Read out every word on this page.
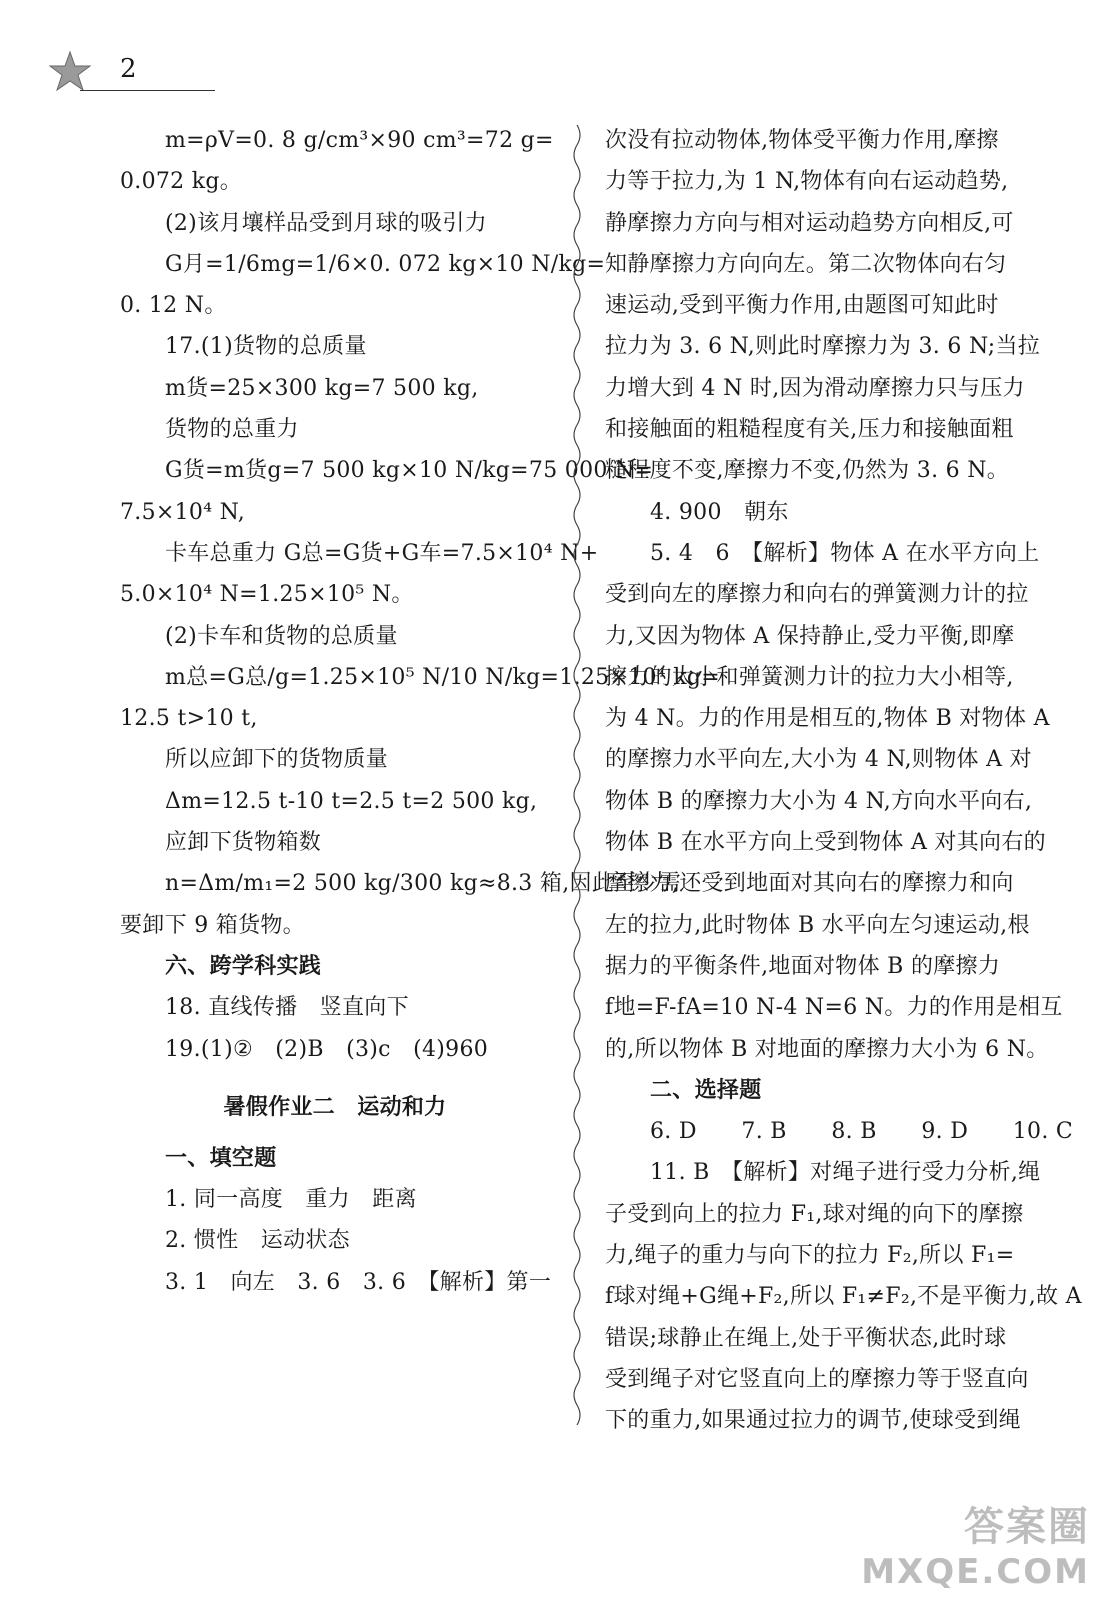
2
m=ρV=0. 8 g/cm³×90 cm³=72 g=
0.072 kg。
(2)该月壤样品受到月球的吸引力
G月=1/6mg=1/6×0. 072 kg×10 N/kg=
0. 12 N。
17.(1)货物的总质量
m货=25×300 kg=7 500 kg,
货物的总重力
G货=m货g=7 500 kg×10 N/kg=75 000 N=
7.5×10⁴ N,
卡车总重力 G总=G货+G车=7.5×10⁴ N+
5.0×10⁴ N=1.25×10⁵ N。
(2)卡车和货物的总质量
m总=G总/g=1.25×10⁵ N/10 N/kg=1.25×10⁴ kg=
12.5 t>10 t,
所以应卸下的货物质量
Δm=12.5 t-10 t=2.5 t=2 500 kg,
应卸下货物箱数
n=Δm/m₁=2 500 kg/300 kg≈8.3 箱,因此至少需
要卸下 9 箱货物。
六、跨学科实践
18. 直线传播　竖直向下
19.(1)②　(2)B　(3)c　(4)960
暑假作业二　运动和力
一、填空题
1. 同一高度　重力　距离
2. 惯性　运动状态
3. 1　向左　3. 6　3. 6　【解析】第一
次没有拉动物体,物体受平衡力作用,摩擦
力等于拉力,为 1 N,物体有向右运动趋势,
静摩擦力方向与相对运动趋势方向相反,可
知静摩擦力方向向左。第二次物体向右匀
速运动,受到平衡力作用,由题图可知此时
拉力为 3. 6 N,则此时摩擦力为 3. 6 N;当拉
力增大到 4 N 时,因为滑动摩擦力只与压力
和接触面的粗糙程度有关,压力和接触面粗
糙程度不变,摩擦力不变,仍然为 3. 6 N。
4. 900　朝东
5. 4　6　【解析】物体 A 在水平方向上
受到向左的摩擦力和向右的弹簧测力计的拉
力,又因为物体 A 保持静止,受力平衡,即摩
擦力的大小和弹簧测力计的拉力大小相等,
为 4 N。力的作用是相互的,物体 B 对物体 A
的摩擦力水平向左,大小为 4 N,则物体 A 对
物体 B 的摩擦力大小为 4 N,方向水平向右,
物体 B 在水平方向上受到物体 A 对其向右的
摩擦力,还受到地面对其向右的摩擦力和向
左的拉力,此时物体 B 水平向左匀速运动,根
据力的平衡条件,地面对物体 B 的摩擦力
f地=F-fA=10 N-4 N=6 N。力的作用是相互
的,所以物体 B 对地面的摩擦力大小为 6 N。
二、选择题
6. D　　7. B　　8. B　　9. D　　10. C
11. B　【解析】对绳子进行受力分析,绳
子受到向上的拉力 F₁,球对绳的向下的摩擦
力,绳子的重力与向下的拉力 F₂,所以 F₁=
f球对绳+G绳+F₂,所以 F₁≠F₂,不是平衡力,故 A
错误;球静止在绳上,处于平衡状态,此时球
受到绳子对它竖直向上的摩擦力等于竖直向
下的重力,如果通过拉力的调节,使球受到绳
答案圈
MXQE.COM
